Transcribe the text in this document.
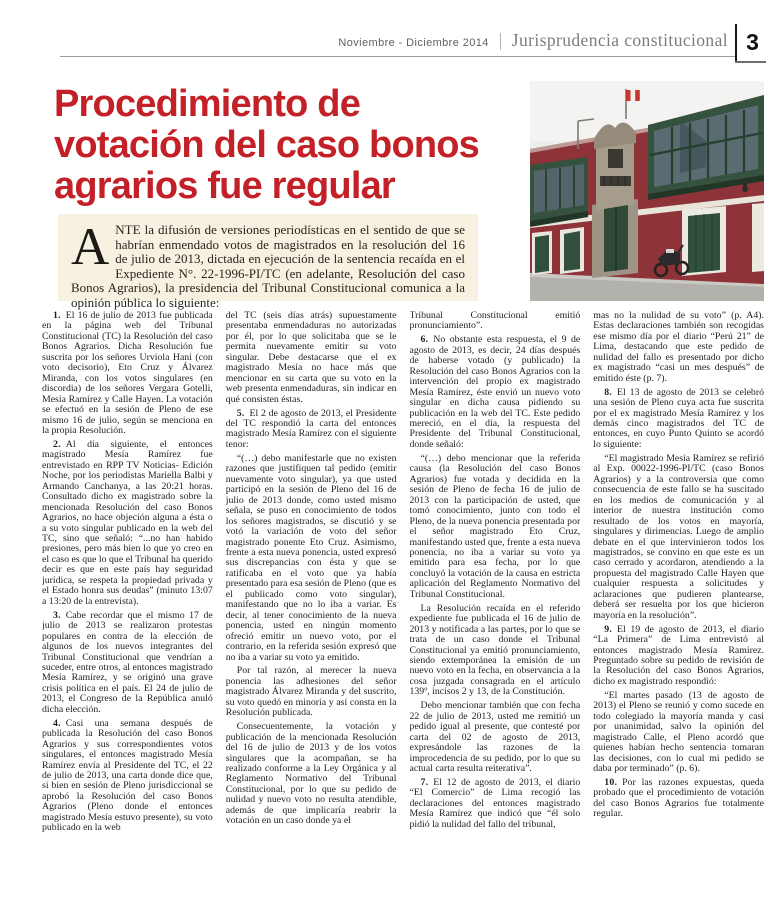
Noviembre - Diciembre 2014 Jurisprudencia constitucional 3
Procedimiento de
votación del caso bonos
agrarios fue regular
ANTE la difusión de versiones periodísticas en el sentido de que se habrían enmendado votos de magistrados en la resolución del 16 de julio de 2013, dictada en ejecución de la sentencia recaída en el Expediente N°. 22-1996-PI/TC (en adelante, Resolución del caso Bonos Agrarios), la presidencia del Tribunal Constitucional comunica a la opinión pública lo siguiente:

1. El 16 de julio de 2013 fue publicada en la página web del Tribunal Constitucional (TC) la Resolución del caso Bonos Agrarios. Dicha Resolución fue suscrita por los señores Urviola Hani (con voto decisorio), Eto Cruz y Álvarez Miranda, con los votos singulares (en discordia) de los señores Vergara Gotelli, Mesía Ramírez y Calle Hayen. La votación se efectuó en la sesión de Pleno de ese mismo 16 de julio, según se menciona en la propia Resolución.

2. Al día siguiente, el entonces magistrado Mesía Ramírez fue entrevistado en RPP TV Noticias- Edición Noche, por los periodistas Mariella Balbi y Armando Canchanya, a las 20:21 horas. Consultado dicho ex magistrado sobre la mencionada Resolución del caso Bonos Agrarios, no hace objeción alguna a ésta o a su voto singular publicado en la web del TC, sino que señaló: “...no han habido presiones, pero más bien lo que yo creo en el caso es que lo que el Tribunal ha querido decir es que en este país hay seguridad jurídica, se respeta la propiedad privada y el Estado honra sus deudas” (minuto 13:07 a 13:20 de la entrevista).

3. Cabe recordar que el mismo 17 de julio de 2013 se realizaron protestas populares en contra de la elección de algunos de los nuevos integrantes del Tribunal Constitucional que vendrían a suceder, entre otros, al entonces magistrado Mesía Ramírez, y se originó una grave crisis política en el país. El 24 de julio de 2013, el Congreso de la República anuló dicha elección.

4. Casi una semana después de publicada la Resolución del caso Bonos Agrarios y sus correspondientes votos singulares, el entonces magistrado Mesía Ramírez envía al Presidente del TC, el 22 de julio de 2013, una carta donde dice que, si bien en sesión de Pleno jurisdiccional se aprobó la Resolución del caso Bonos Agrarios (Pleno donde el entonces magistrado Mesía estuvo presente), su voto publicado en la web

del TC (seis días atrás) supuestamente presentaba enmendaduras no autorizadas por él, por lo que solicitaba que se le permita nuevamente emitir su voto singular. Debe destacarse que el ex magistrado Mesía no hace más que mencionar en su carta que su voto en la web presenta enmendaduras, sin indicar en qué consisten éstas.

5. El 2 de agosto de 2013, el Presidente del TC respondió la carta del entonces magistrado Mesía Ramírez con el siguiente tenor:

“(…) debo manifestarle que no existen razones que justifiquen tal pedido (emitir nuevamente voto singular), ya que usted participó en la sesión de Pleno del 16 de julio de 2013 donde, como usted mismo señala, se puso en conocimiento de todos los señores magistrados, se discutió y se votó la variación de voto del señor magistrado ponente Eto Cruz. Asimismo, frente a esta nueva ponencia, usted expresó sus discrepancias con ésta y que se ratificaba en el voto que ya había presentado para esa sesión de Pleno (que es el publicado como voto singular), manifestando que no lo iba a variar. Es decir, al tener conocimiento de la nueva ponencia, usted en ningún momento ofreció emitir un nuevo voto, por el contrario, en la referida sesión expresó que no iba a variar su voto ya emitido.

Por tal razón, al merecer la nueva ponencia las adhesiones del señor magistrado Álvarez Miranda y del suscrito, su voto quedó en minoría y así consta en la Resolución publicada.

Consecuentemente, la votación y publicación de la mencionada Resolución del 16 de julio de 2013 y de los votos singulares que la acompañan, se ha realizado conforme a la Ley Orgánica y al Reglamento Normativo del Tribunal Constitucional, por lo que su pedido de nulidad y nuevo voto no resulta atendible, además de que implicaría reabrir la votación en un caso donde ya el

Tribunal Constitucional emitió pronunciamiento”.

6. No obstante esta respuesta, el 9 de agosto de 2013, es decir, 24 días después de haberse votado (y publicado) la Resolución del caso Bonos Agrarios con la intervención del propio ex magistrado Mesía Ramírez, éste envió un nuevo voto singular en dicha causa pidiendo su publicación en la web del TC. Este pedido mereció, en el día, la respuesta del Presidente del Tribunal Constitucional, donde señaló:

“(…) debo mencionar que la referida causa (la Resolución del caso Bonos Agrarios) fue votada y decidida en la sesión de Pleno de fecha 16 de julio de 2013 con la participación de usted, que tomó conocimiento, junto con todo el Pleno, de la nueva ponencia presentada por el señor magistrado Eto Cruz, manifestando usted que, frente a esta nueva ponencia, no iba a variar su voto ya emitido para esa fecha, por lo que concluyó la votación de la causa en estricta aplicación del Reglamento Normativo del Tribunal Constitucional.

La Resolución recaída en el referido expediente fue publicada el 16 de julio de 2013 y notificada a las partes, por lo que se trata de un caso donde el Tribunal Constitucional ya emitió pronunciamiento, siendo extemporánea la emisión de un nuevo voto en la fecha, en observancia a la cosa juzgada consagrada en el artículo 139º, incisos 2 y 13, de la Constitución.

Debo mencionar también que con fecha 22 de julio de 2013, usted me remitió un pedido igual al presente, que contesté por carta del 02 de agosto de 2013, expresándole las razones de la improcedencia de su pedido, por lo que su actual carta resulta reiterativa”.

7. El 12 de agosto de 2013, el diario “El Comercio” de Lima recogió las declaraciones del entonces magistrado Mesía Ramírez que indicó que “él solo pidió la nulidad del fallo del tribunal,

mas no la nulidad de su voto” (p. A4). Estas declaraciones también son recogidas ese mismo día por el diario “Perú 21” de Lima, destacando que este pedido de nulidad del fallo es presentado por dicho ex magistrado “casi un mes después” de emitido éste (p. 7).

8. El 13 de agosto de 2013 se celebró una sesión de Pleno cuya acta fue suscrita por el ex magistrado Mesía Ramírez y los demás cinco magistrados del TC de entonces, en cuyo Punto Quinto se acordó lo siguiente:

“El magistrado Mesía Ramírez se refirió al Exp. 00022-1996-PI/TC (caso Bonos Agrarios) y a la controversia que como consecuencia de este fallo se ha suscitado en los medios de comunicación y al interior de nuestra institución como resultado de los votos en mayoría, singulares y dirimencias. Luego de amplio debate en el que intervinieron todos los magistrados, se convino en que este es un caso cerrado y acordaron, atendiendo a la propuesta del magistrado Calle Hayen que cualquier respuesta a solicitudes y aclaraciones que pudieren plantearse, deberá ser resuelta por los que hicieron mayoría en la resolución”.

9. El 19 de agosto de 2013, el diario “La Primera” de Lima entrevistó al entonces magistrado Mesía Ramírez. Preguntado sobre su pedido de revisión de la Resolución del caso Bonos Agrarios, dicho ex magistrado respondió:

“El martes pasado (13 de agosto de 2013) el Pleno se reunió y como sucede en todo colegiado la mayoría manda y casi por unanimidad, salvo la opinión del magistrado Calle, el Pleno acordó que quienes habían hecho sentencia tomaran las decisiones, con lo cual mi pedido se daba por terminado” (p. 6).

10. Por las razones expuestas, queda probado que el procedimiento de votación del caso Bonos Agrarios fue totalmente regular.
